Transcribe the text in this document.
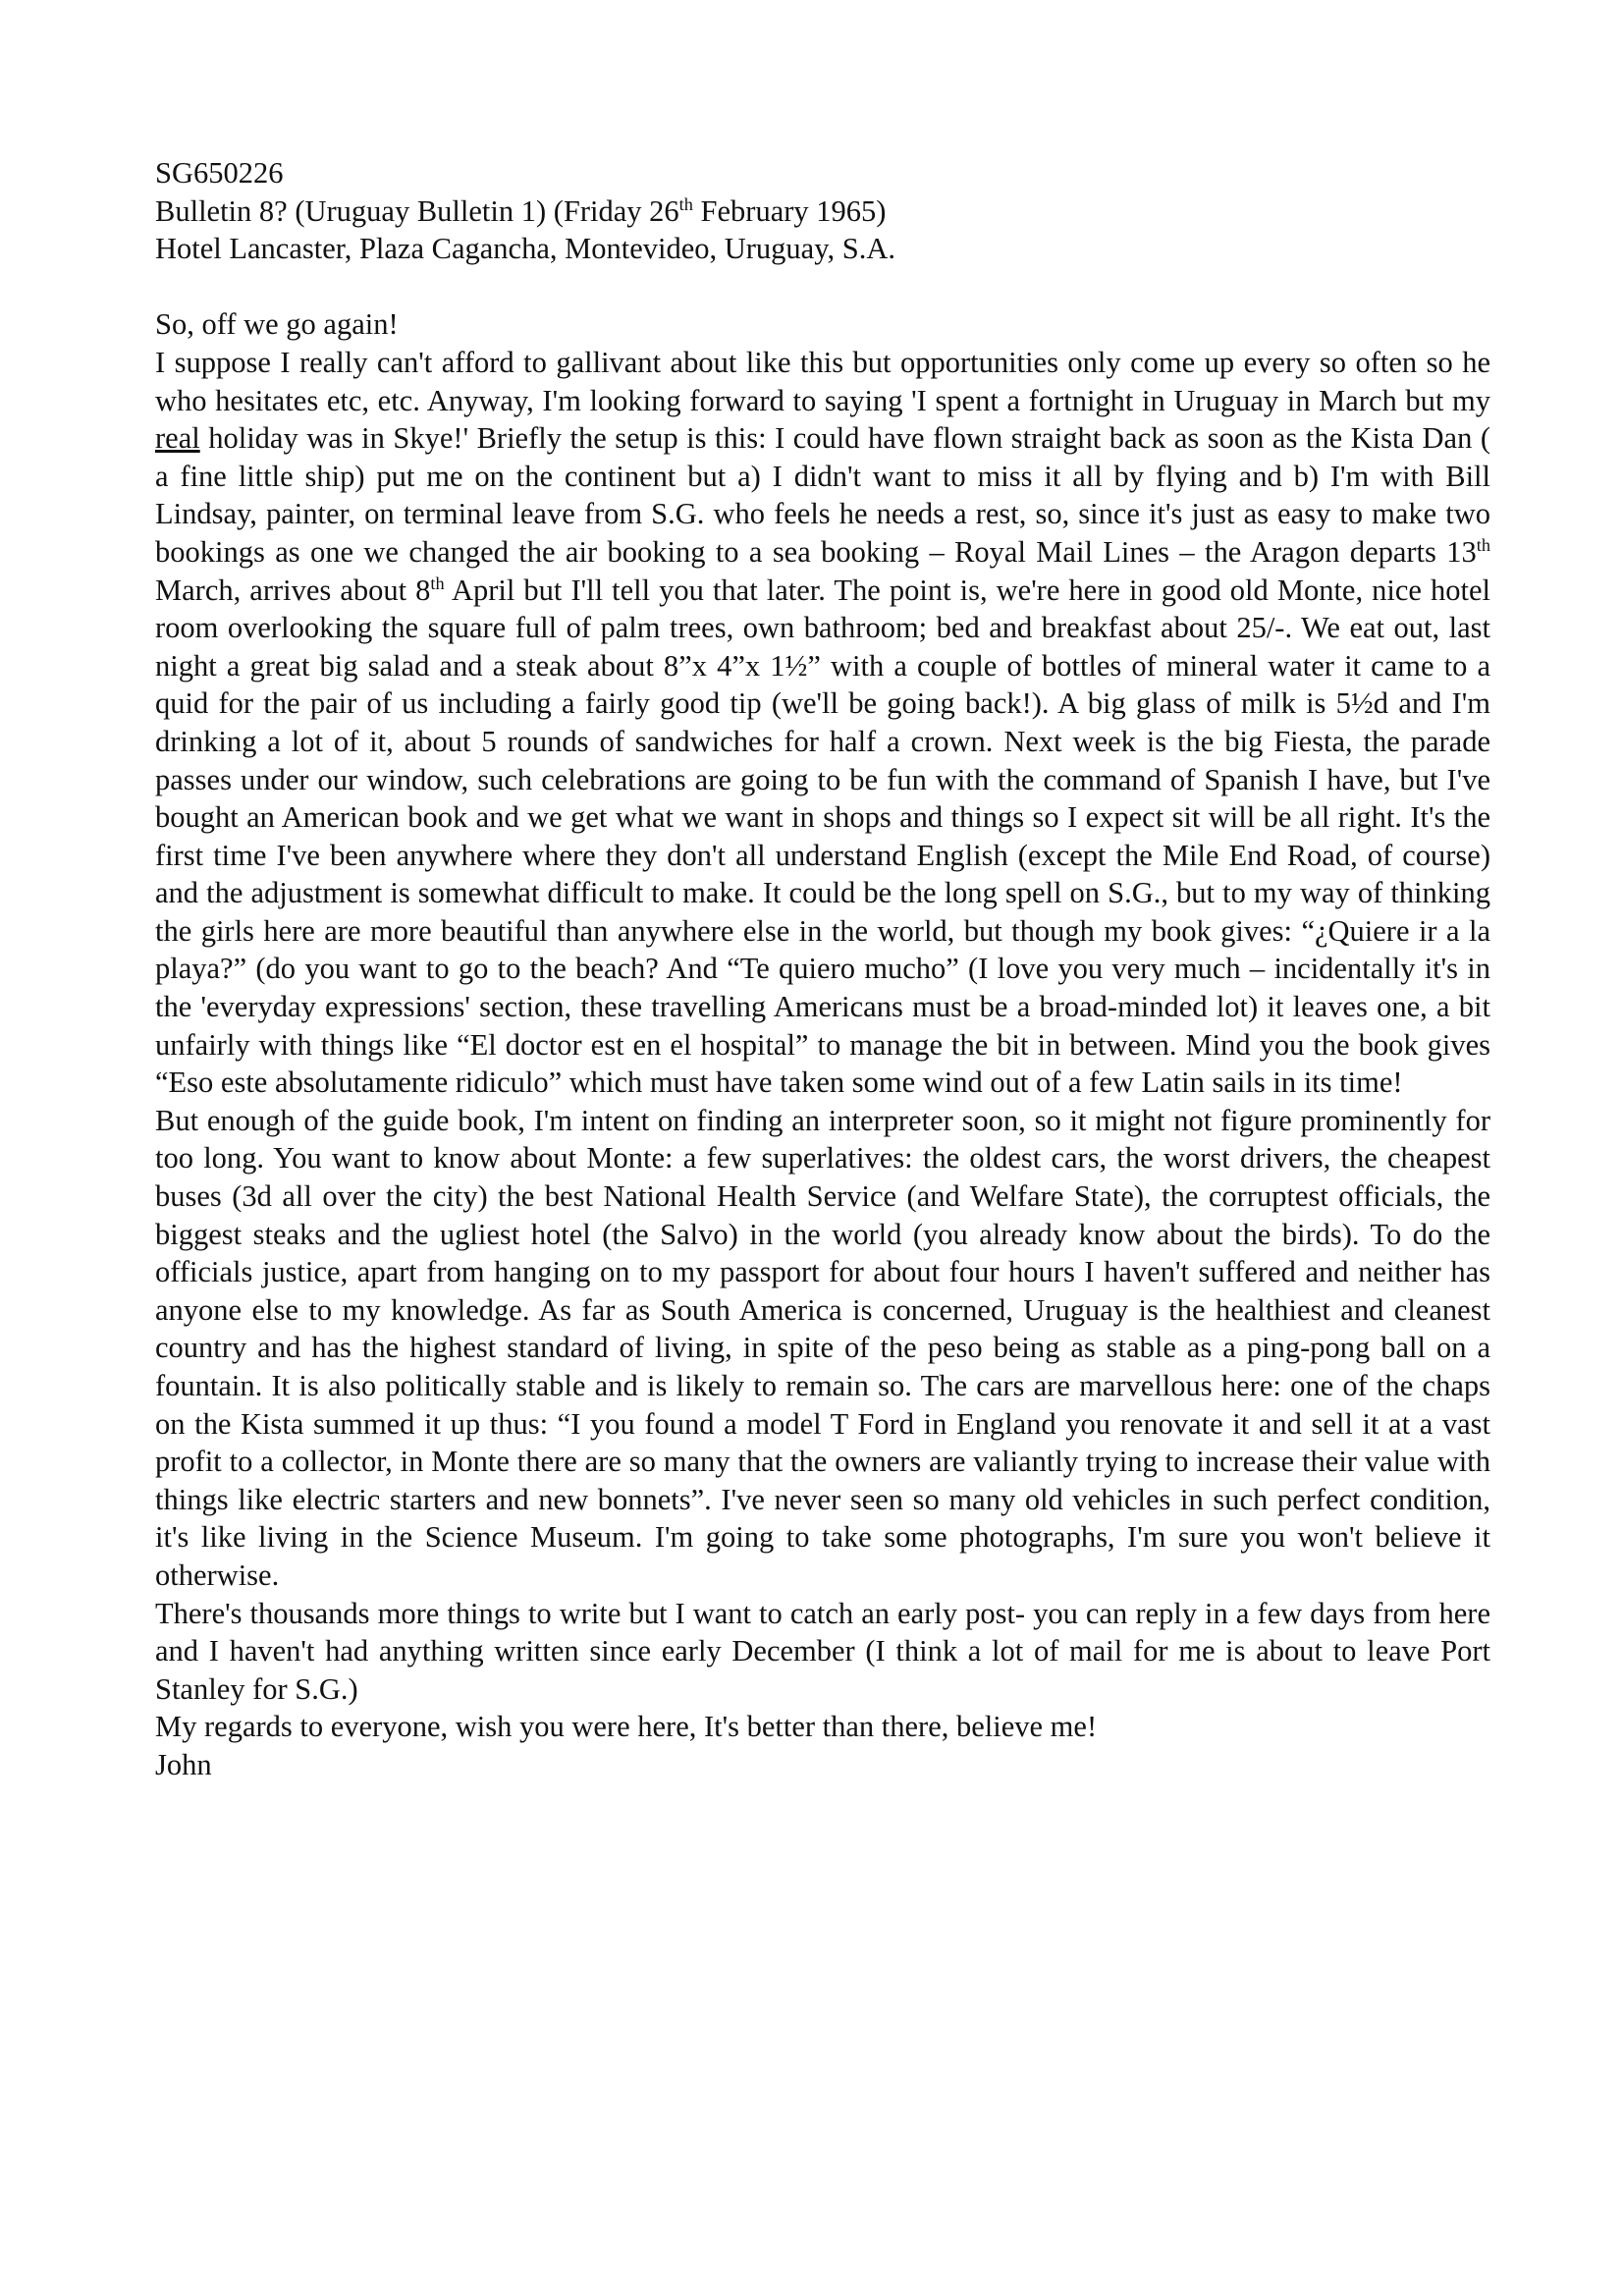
SG650226
Bulletin 8? (Uruguay Bulletin 1) (Friday 26th February 1965)
Hotel Lancaster, Plaza Cagancha, Montevideo, Uruguay, S.A.
So, off we go again!

I suppose I really can't afford to gallivant about like this but opportunities only come up every so often so he who hesitates etc, etc. Anyway, I'm looking forward to saying 'I spent a fortnight in Uruguay in March but my real holiday was in Skye!' Briefly the setup is this: I could have flown straight back as soon as the Kista Dan ( a fine little ship) put me on the continent but a) I didn't want to miss it all by flying and b) I'm with Bill Lindsay, painter, on terminal leave from S.G. who feels he needs a rest, so, since it's just as easy to make two bookings as one we changed the air booking to a sea booking – Royal Mail Lines – the Aragon departs 13th March, arrives about 8th April but I'll tell you that later. The point is, we're here in good old Monte, nice hotel room overlooking the square full of palm trees, own bathroom; bed and breakfast about 25/-. We eat out, last night a great big salad and a steak about 8”x 4”x 1½” with a couple of bottles of mineral water it came to a quid for the pair of us including a fairly good tip (we'll be going back!). A big glass of milk is 5½d and I'm drinking a lot of it, about 5 rounds of sandwiches for half a crown. Next week is the big Fiesta, the parade passes under our window, such celebrations are going to be fun with the command of Spanish I have, but I've bought an American book and we get what we want in shops and things so I expect sit will be all right. It's the first time I've been anywhere where they don't all understand English (except the Mile End Road, of course) and the adjustment is somewhat difficult to make. It could be the long spell on S.G., but to my way of thinking the girls here are more beautiful than anywhere else in the world, but though my book gives: “¿Quiere ir a la playa?” (do you want to go to the beach? And “Te quiero mucho” (I love you very much – incidentally it's in the 'everyday expressions' section, these travelling Americans must be a broad-minded lot) it leaves one, a bit unfairly with things like “El doctor est en el hospital” to manage the bit in between. Mind you the book gives “Eso este absolutamente ridiculo” which must have taken some wind out of a few Latin sails in its time!

But enough of the guide book, I'm intent on finding an interpreter soon, so it might not figure prominently for too long. You want to know about Monte: a few superlatives: the oldest cars, the worst drivers, the cheapest buses (3d all over the city) the best National Health Service (and Welfare State), the corruptest officials, the biggest steaks and the ugliest hotel (the Salvo) in the world (you already know about the birds). To do the officials justice, apart from hanging on to my passport for about four hours I haven't suffered and neither has anyone else to my knowledge. As far as South America is concerned, Uruguay is the healthiest and cleanest country and has the highest standard of living, in spite of the peso being as stable as a ping-pong ball on a fountain. It is also politically stable and is likely to remain so. The cars are marvellous here: one of the chaps on the Kista summed it up thus: “I you found a model T Ford in England you renovate it and sell it at a vast profit to a collector, in Monte there are so many that the owners are valiantly trying to increase their value with things like electric starters and new bonnets”. I've never seen so many old vehicles in such perfect condition, it's like living in the Science Museum. I'm going to take some photographs, I'm sure you won't believe it otherwise.

There's thousands more things to write but I want to catch an early post- you can reply in a few days from here and I haven't had anything written since early December (I think a lot of mail for me is about to leave Port Stanley for S.G.)

My regards to everyone, wish you were here, It's better than there, believe me!
John
